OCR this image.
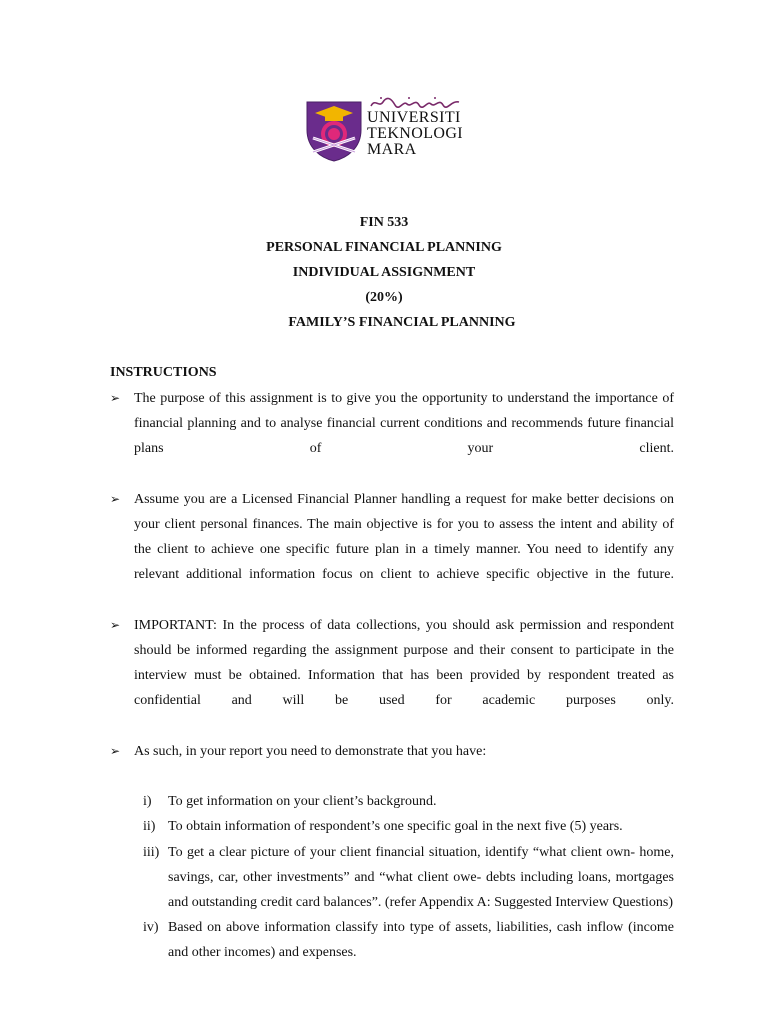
UNIVERSITI
TEKNOLOGI
MARA
FIN 533
PERSONAL FINANCIAL PLANNING
INDIVIDUAL ASSIGNMENT
(20%)
FAMILY’S FINANCIAL PLANNING
INSTRUCTIONS
➢ The purpose of this assignment is to give you the opportunity to understand the importance of financial planning and to analyse financial current conditions and recommends future financial plans of your client.
➢ Assume you are a Licensed Financial Planner handling a request for make better decisions on your client personal finances. The main objective is for you to assess the intent and ability of the client to achieve one specific future plan in a timely manner. You need to identify any relevant additional information focus on client to achieve specific objective in the future.
➢ IMPORTANT: In the process of data collections, you should ask permission and respondent should be informed regarding the assignment purpose and their consent to participate in the interview must be obtained. Information that has been provided by respondent treated as confidential and will be used for academic purposes only.
➢ As such, in your report you need to demonstrate that you have:
i)	To get information on your client’s background.
ii) To obtain information of respondent’s one specific goal in the next five (5) years.
iii) To get a clear picture of your client financial situation, identify “what client own- home, savings, car, other investments” and “what client owe- debts including loans, mortgages and outstanding credit card balances”. (refer Appendix A: Suggested Interview Questions)
iv) Based on above information classify into type of assets, liabilities, cash inflow (income and other incomes) and expenses.
